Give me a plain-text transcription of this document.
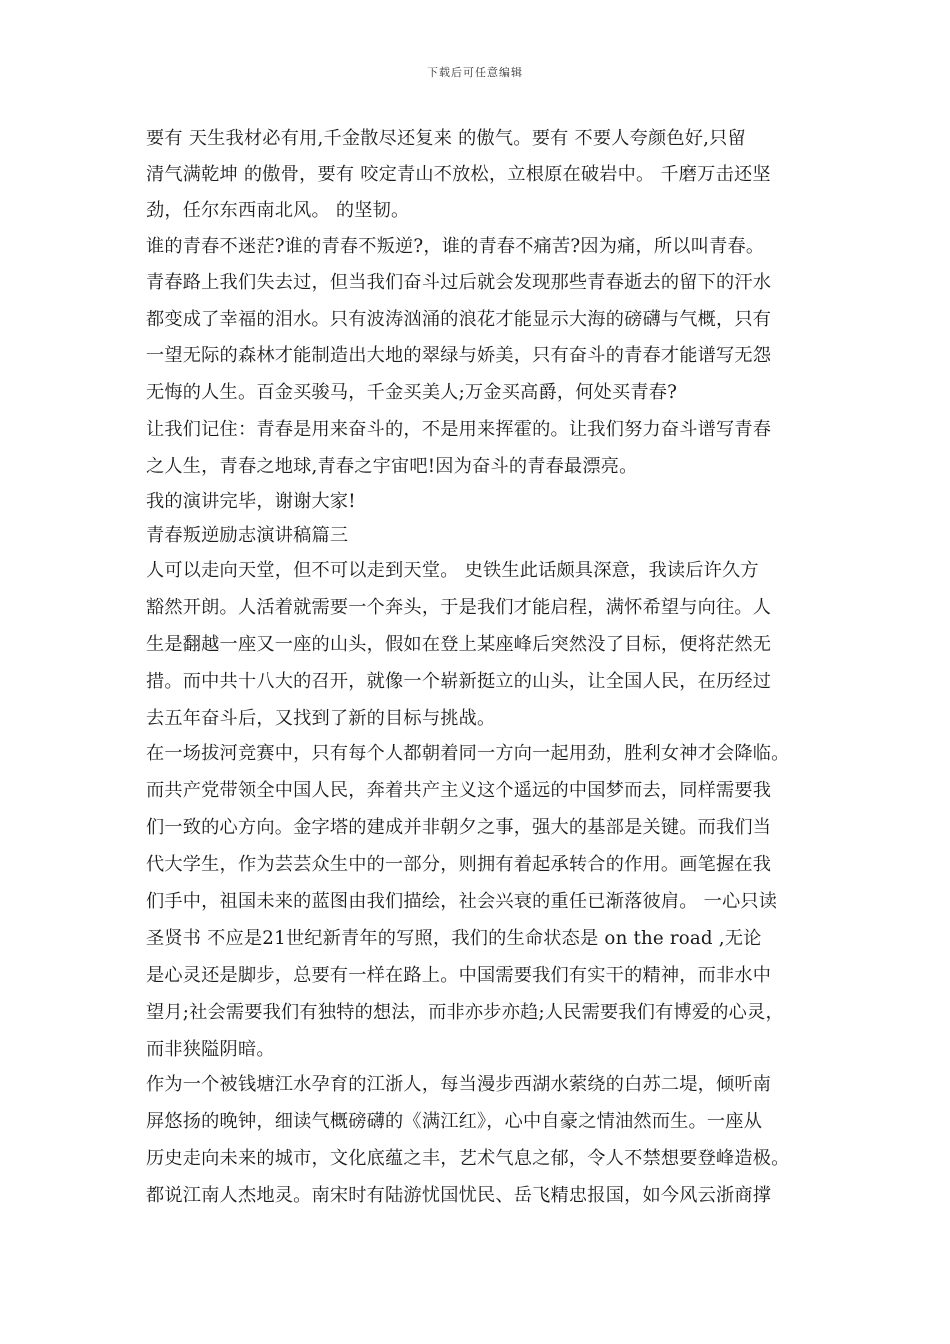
下载后可任意编辑
要有 天生我材必有用,千金散尽还复来 的傲气。要有 不要人夸颜色好,只留
清气满乾坤 的傲骨，要有 咬定青山不放松，立根原在破岩中。 千磨万击还坚
劲，任尔东西南北风。 的坚韧。
谁的青春不迷茫?谁的青春不叛逆?，谁的青春不痛苦?因为痛，所以叫青春。
青春路上我们失去过，但当我们奋斗过后就会发现那些青春逝去的留下的汗水
都变成了幸福的泪水。只有波涛汹涌的浪花才能显示大海的磅礴与气概，只有
一望无际的森林才能制造出大地的翠绿与娇美，只有奋斗的青春才能谱写无怨
无悔的人生。百金买骏马，千金买美人;万金买高爵，何处买青春?
让我们记住：青春是用来奋斗的，不是用来挥霍的。让我们努力奋斗谱写青春
之人生，青春之地球,青春之宇宙吧!因为奋斗的青春最漂亮。
我的演讲完毕，谢谢大家!
青春叛逆励志演讲稿篇三
人可以走向天堂，但不可以走到天堂。 史铁生此话颇具深意，我读后许久方
豁然开朗。人活着就需要一个奔头，于是我们才能启程，满怀希望与向往。人
生是翻越一座又一座的山头，假如在登上某座峰后突然没了目标，便将茫然无
措。而中共十八大的召开，就像一个崭新挺立的山头，让全国人民，在历经过
去五年奋斗后，又找到了新的目标与挑战。
在一场拔河竞赛中，只有每个人都朝着同一方向一起用劲，胜利女神才会降临。
而共产党带领全中国人民，奔着共产主义这个遥远的中国梦而去，同样需要我
们一致的心方向。金字塔的建成并非朝夕之事，强大的基部是关键。而我们当
代大学生，作为芸芸众生中的一部分，则拥有着起承转合的作用。画笔握在我
们手中，祖国未来的蓝图由我们描绘，社会兴衰的重任已渐落彼肩。 一心只读
圣贤书 不应是21世纪新青年的写照，我们的生命状态是 on the road ,无论
是心灵还是脚步，总要有一样在路上。中国需要我们有实干的精神，而非水中
望月;社会需要我们有独特的想法，而非亦步亦趋;人民需要我们有博爱的心灵，
而非狭隘阴暗。
作为一个被钱塘江水孕育的江浙人，每当漫步西湖水萦绕的白苏二堤，倾听南
屏悠扬的晚钟，细读气概磅礴的《满江红》，心中自豪之情油然而生。一座从
历史走向未来的城市，文化底蕴之丰，艺术气息之郁，令人不禁想要登峰造极。
都说江南人杰地灵。南宋时有陆游忧国忧民、岳飞精忠报国，如今风云浙商撑
